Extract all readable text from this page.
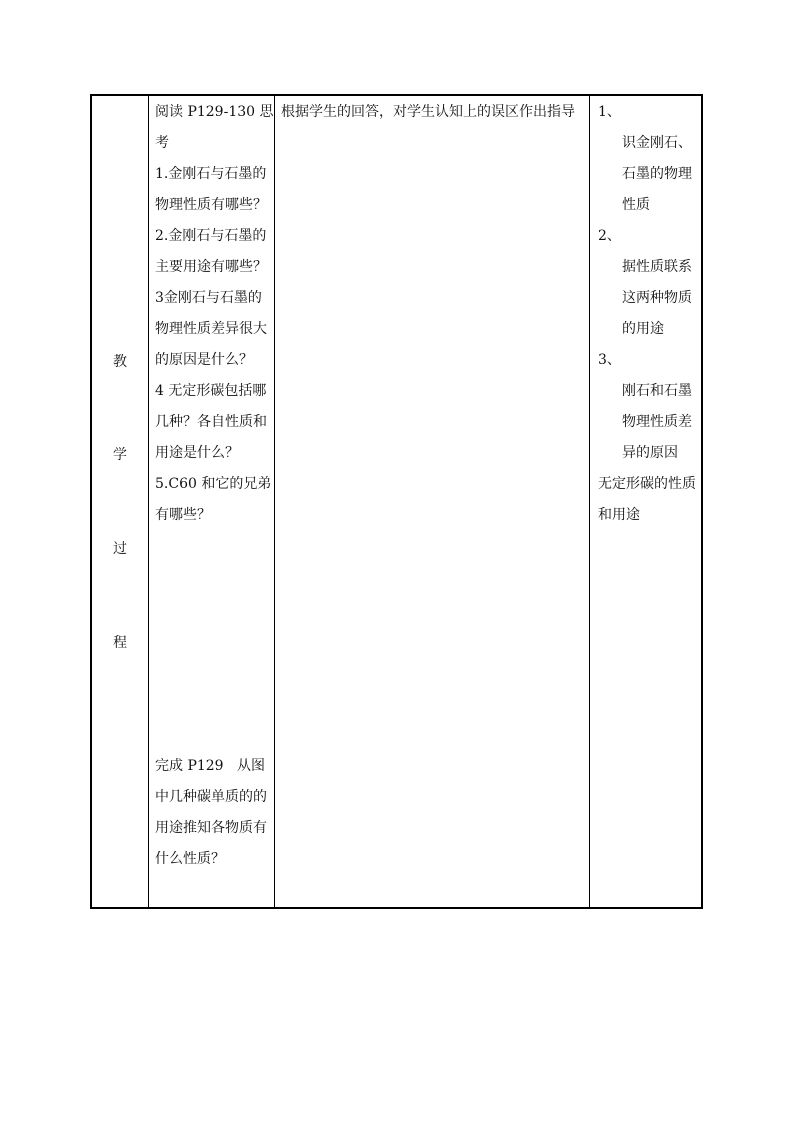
教
学
过
程
阅读 P129-130 思
考
1.金刚石与石墨的
物理性质有哪些？
2.金刚石与石墨的
主要用途有哪些？
3金刚石与石墨的
物理性质差异很大
的原因是什么？
4 无定形碳包括哪
几种？各自性质和
用途是什么？
5.C60 和它的兄弟
有哪些？
完成 P129   从图
中几种碳单质的的
用途推知各物质有
什么性质？
根据学生的回答，对学生认知上的误区作出指导	1、
识金刚石、
石墨的物理
性质
2、
据性质联系
这两种物质
的用途
3、
刚石和石墨
物理性质差
异的原因
无定形碳的性质
和用途
